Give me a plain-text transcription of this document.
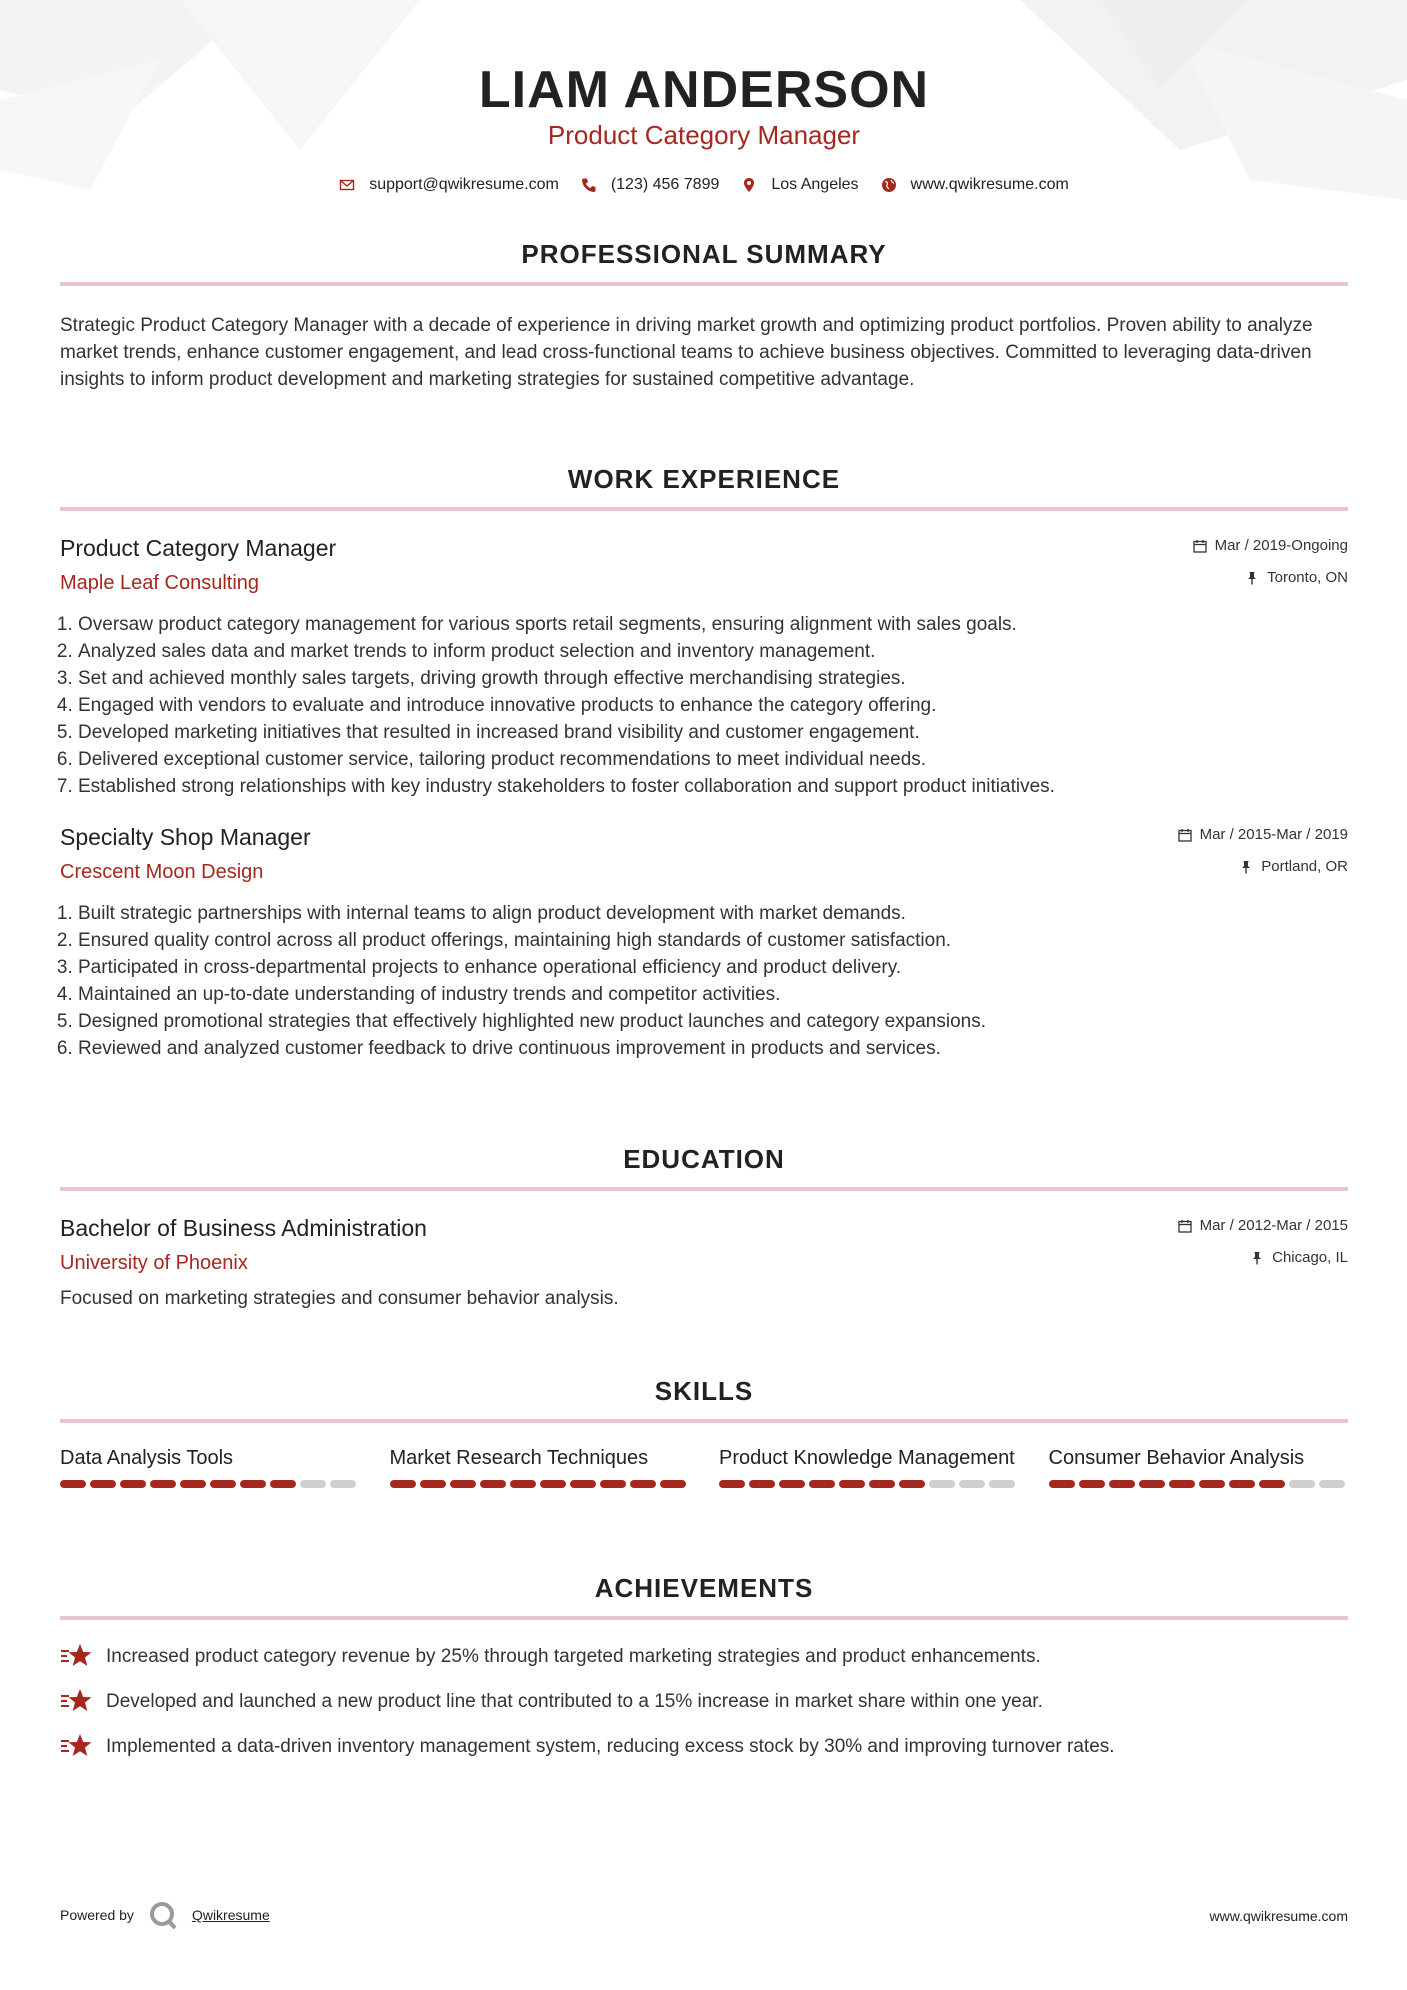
LIAM ANDERSON
Product Category Manager
support@qwikresume.com	(123) 456 7899	Los Angeles	www.qwikresume.com
PROFESSIONAL SUMMARY
Strategic Product Category Manager with a decade of experience in driving market growth and optimizing product portfolios. Proven ability to analyze market trends, enhance customer engagement, and lead cross-functional teams to achieve business objectives. Committed to leveraging data-driven insights to inform product development and marketing strategies for sustained competitive advantage.
WORK EXPERIENCE
Product Category Manager
Maple Leaf Consulting
Mar / 2019-Ongoing
Toronto, ON
1. Oversaw product category management for various sports retail segments, ensuring alignment with sales goals.
2. Analyzed sales data and market trends to inform product selection and inventory management.
3. Set and achieved monthly sales targets, driving growth through effective merchandising strategies.
4. Engaged with vendors to evaluate and introduce innovative products to enhance the category offering.
5. Developed marketing initiatives that resulted in increased brand visibility and customer engagement.
6. Delivered exceptional customer service, tailoring product recommendations to meet individual needs.
7. Established strong relationships with key industry stakeholders to foster collaboration and support product initiatives.
Specialty Shop Manager
Crescent Moon Design
Mar / 2015-Mar / 2019
Portland, OR
1. Built strategic partnerships with internal teams to align product development with market demands.
2. Ensured quality control across all product offerings, maintaining high standards of customer satisfaction.
3. Participated in cross-departmental projects to enhance operational efficiency and product delivery.
4. Maintained an up-to-date understanding of industry trends and competitor activities.
5. Designed promotional strategies that effectively highlighted new product launches and category expansions.
6. Reviewed and analyzed customer feedback to drive continuous improvement in products and services.
EDUCATION
Bachelor of Business Administration
University of Phoenix
Mar / 2012-Mar / 2015
Chicago, IL
Focused on marketing strategies and consumer behavior analysis.
SKILLS
Data Analysis Tools	Market Research Techniques	Product Knowledge Management Consumer Behavior Analysis
ACHIEVEMENTS
Increased product category revenue by 25% through targeted marketing strategies and product enhancements.
Developed and launched a new product line that contributed to a 15% increase in market share within one year.
Implemented a data-driven inventory management system, reducing excess stock by 30% and improving turnover rates.
Powered by	Qwikresume	www.qwikresume.com
